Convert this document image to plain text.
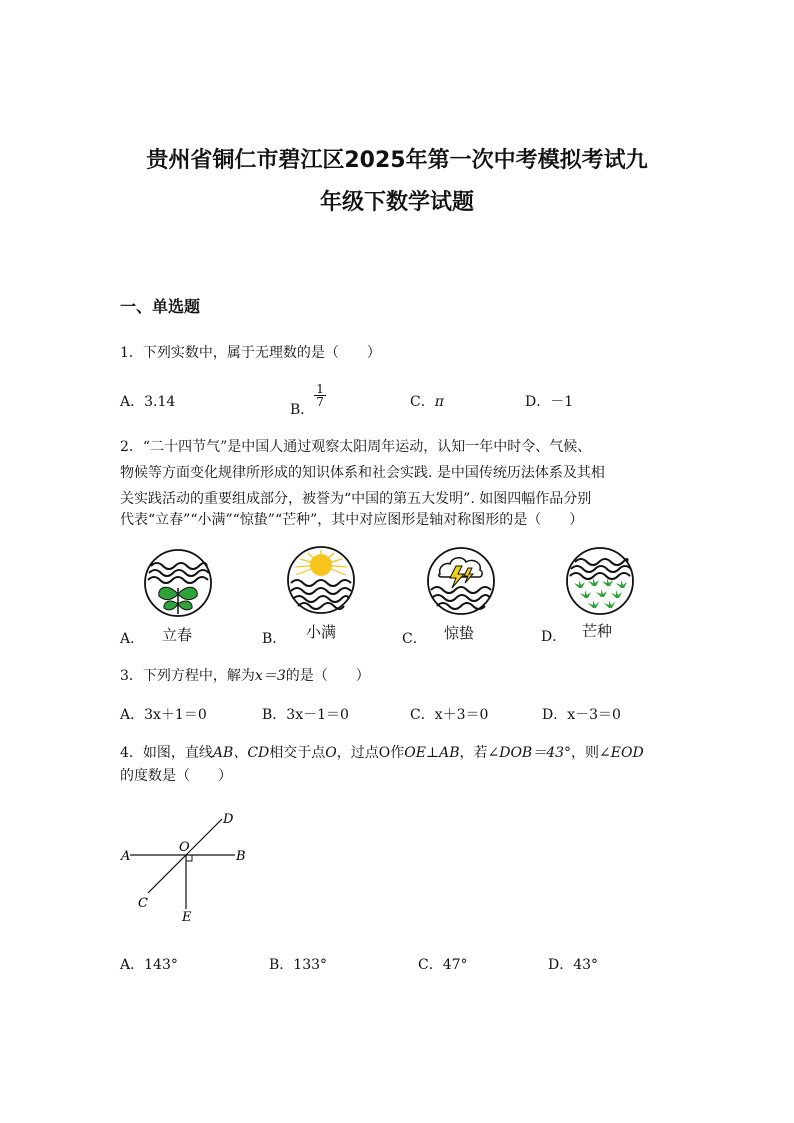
贵州省铜仁市碧江区2025年第一次中考模拟考试九
年级下数学试题
一、单选题
1．下列实数中，属于无理数的是（　　）
A．3.14	B．
$\frac{1}{7}$	C．π	D．－1
2．“二十四节气”是中国人通过观察太阳周年运动，认知一年中时令、气候、
物候等方面变化规律所形成的知识体系和社会实践. 是中国传统历法体系及其相
关实践活动的重要组成部分，被誉为“中国的第五大发明”. 如图四幅作品分别
代表“立春”“小满”“惊蛰”“芒种”，其中对应图形是轴对称图形的是（　　）
A． 立春	B． 小满	C． 惊蛰	D． 芒种
3．下列方程中，解为x＝3的是（　　）
A．3x＋1＝0	B．3x－1＝0	C．x＋3＝0	D．x－3＝0
4．如图，直线AB、CD相交于点O，过点O作OE⊥AB，若∠DOB＝43°，则∠EOD
的度数是（　　）
A	B
C
D
E
O
A．143°	B．133°	C．47°	D．43°
